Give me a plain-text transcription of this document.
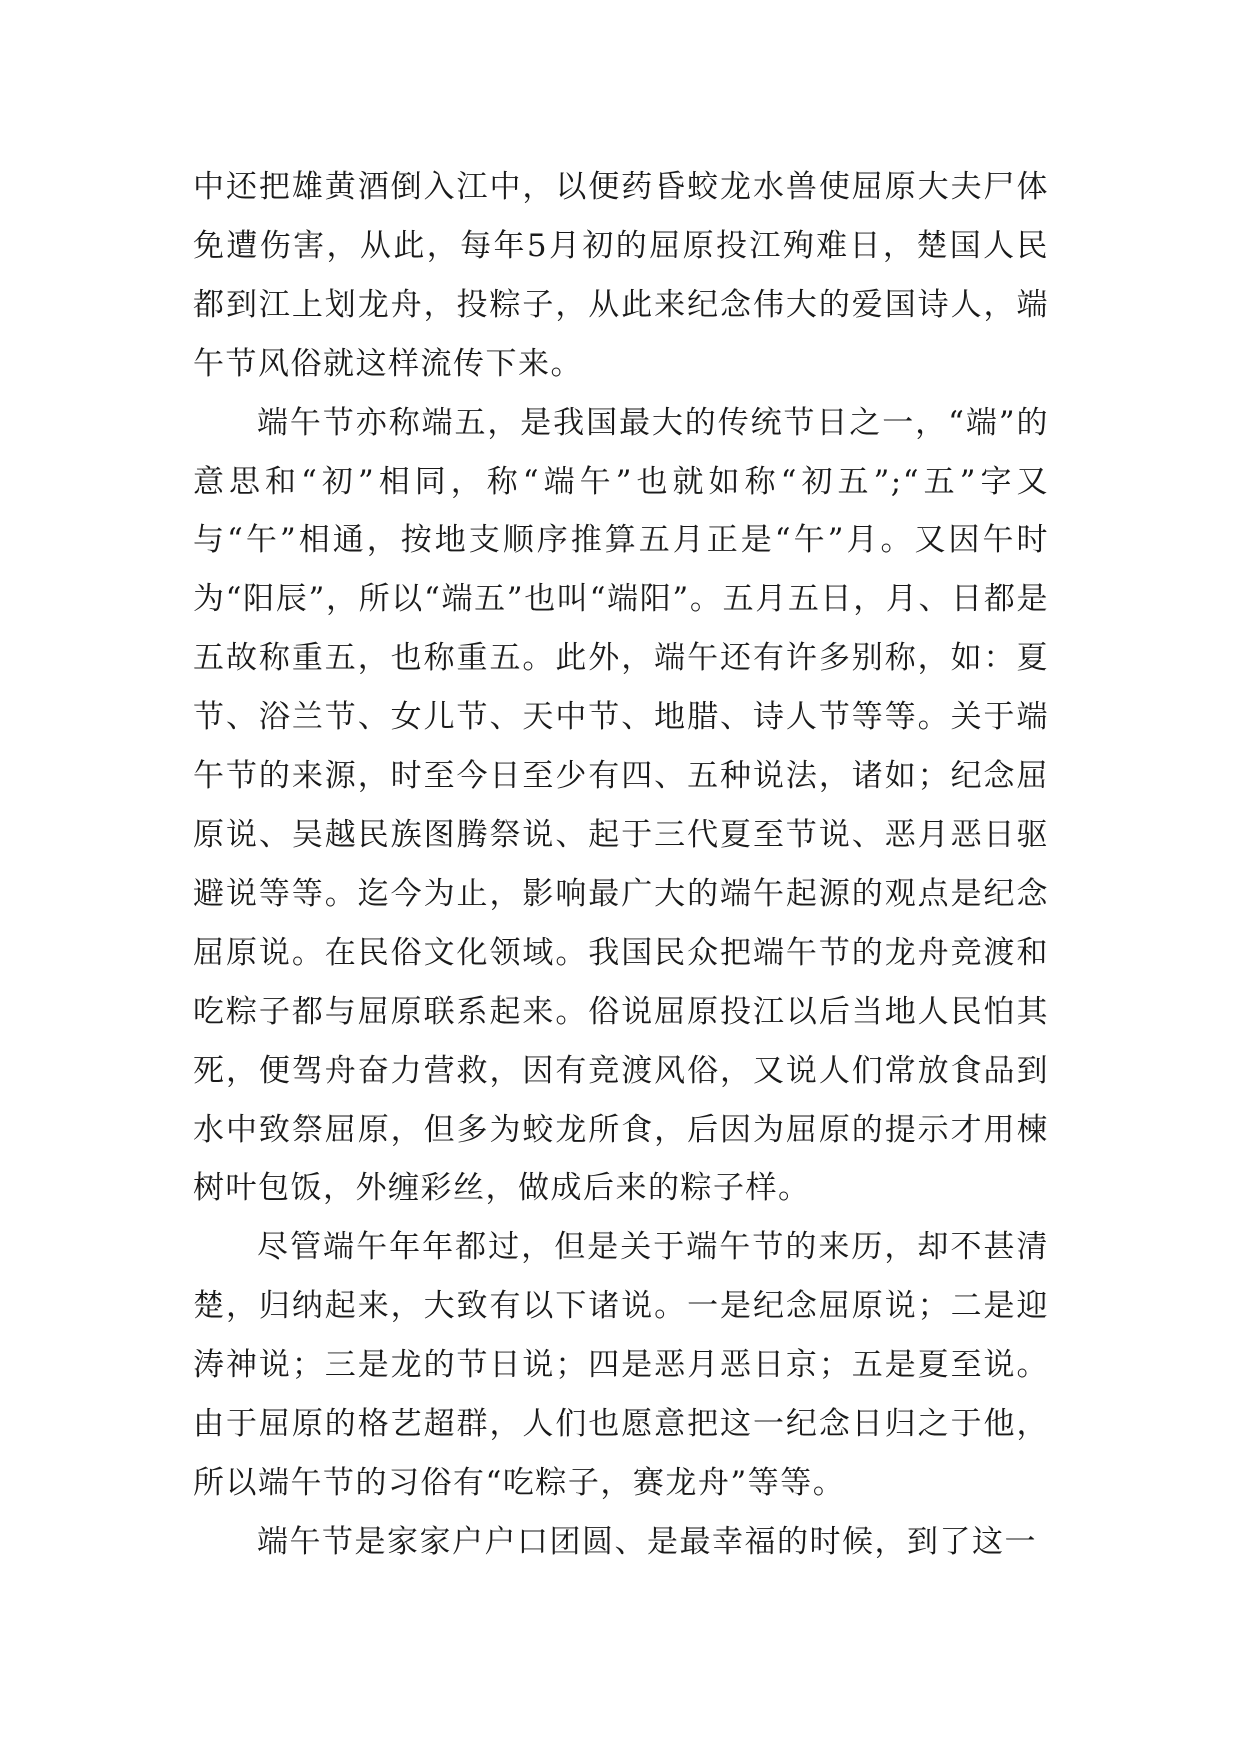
中还把雄黄酒倒入江中，以便药昏蛟龙水兽使屈原大夫尸体免遭伤害，从此，每年5月初的屈原投江殉难日，楚国人民都到江上划龙舟，投粽子，从此来纪念伟大的爱国诗人，端午节风俗就这样流传下来。

端午节亦称端五，是我国最大的传统节日之一，“端”的意思和“初”相同，称“端午”也就如称“初五”;“五”字又与“午”相通，按地支顺序推算五月正是“午”月。又因午时为“阳辰”，所以“端五”也叫“端阳”。五月五日，月、日都是五故称重五，也称重五。此外，端午还有许多别称，如：夏节、浴兰节、女儿节、天中节、地腊、诗人节等等。关于端午节的来源，时至今日至少有四、五种说法，诸如；纪念屈原说、吴越民族图腾祭说、起于三代夏至节说、恶月恶日驱避说等等。迄今为止，影响最广大的端午起源的观点是纪念屈原说。在民俗文化领域。我国民众把端午节的龙舟竞渡和吃粽子都与屈原联系起来。俗说屈原投江以后当地人民怕其死，便驾舟奋力营救，因有竞渡风俗，又说人们常放食品到水中致祭屈原，但多为蛟龙所食，后因为屈原的提示才用楝树叶包饭，外缠彩丝，做成后来的粽子样。

尽管端午年年都过，但是关于端午节的来历，却不甚清楚，归纳起来，大致有以下诸说。一是纪念屈原说；二是迎涛神说；三是龙的节日说；四是恶月恶日京；五是夏至说。由于屈原的格艺超群，人们也愿意把这一纪念日归之于他，所以端午节的习俗有“吃粽子，赛龙舟”等等。

端午节是家家户户口团圆、是最幸福的时候，到了这一
